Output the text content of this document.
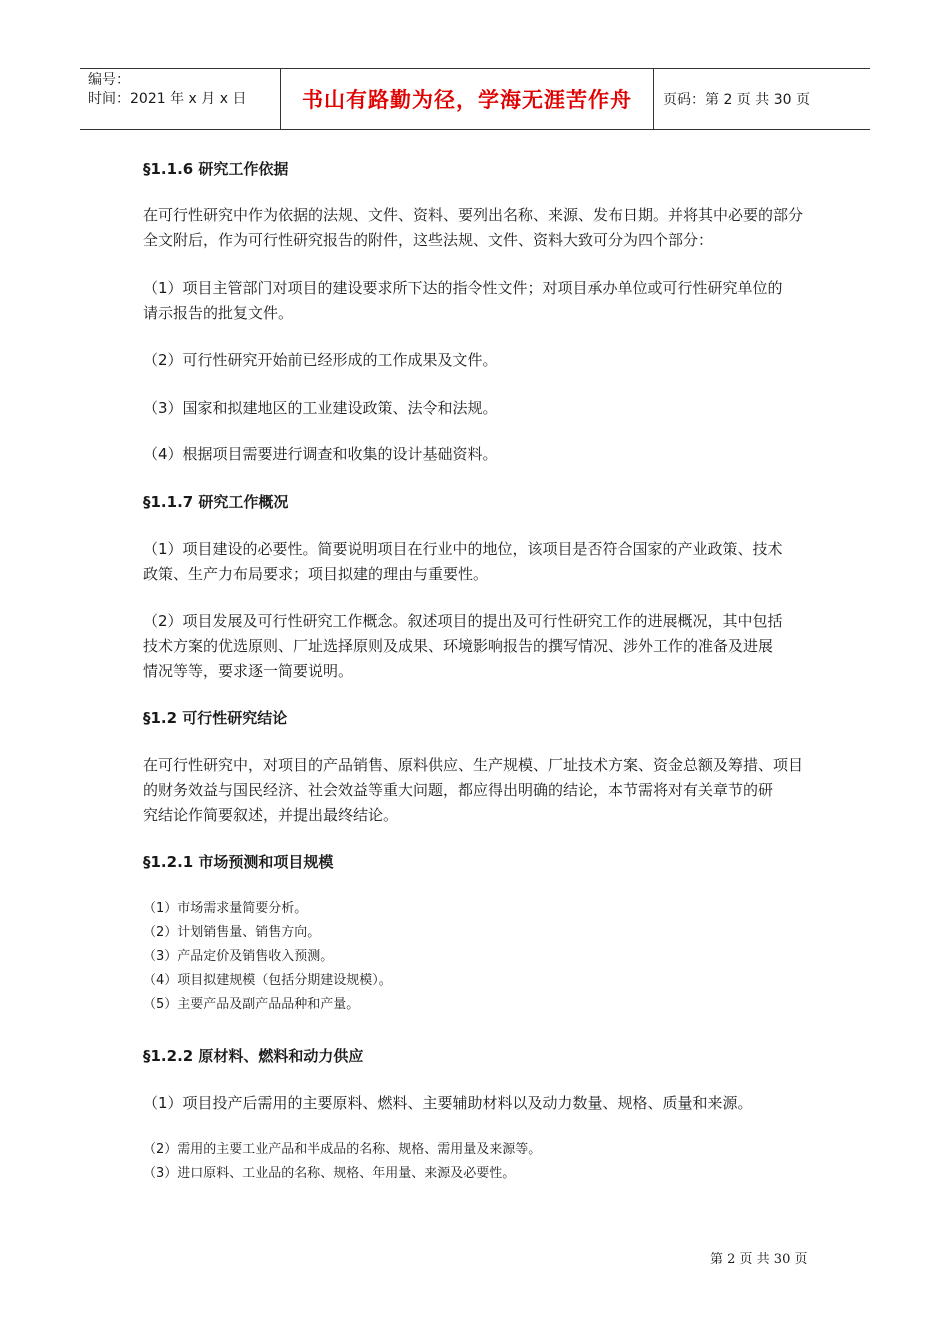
编号：
时间：2021 年 x 月 x 日	书山有路勤为径，学海无涯苦作舟	页码：第 2 页 共 30 页

§1.1.6 研究工作依据

在可行性研究中作为依据的法规、文件、资料、要列出名称、来源、发布日期。并将其中必要的部分
全文附后，作为可行性研究报告的附件，这些法规、文件、资料大致可分为四个部分：
（1）项目主管部门对项目的建设要求所下达的指令性文件；对项目承办单位或可行性研究单位的
请示报告的批复文件。

（2）可行性研究开始前已经形成的工作成果及文件。

（3）国家和拟建地区的工业建设政策、法令和法规。

（4）根据项目需要进行调查和收集的设计基础资料。

§1.1.7 研究工作概况

（1）项目建设的必要性。简要说明项目在行业中的地位，该项目是否符合国家的产业政策、技术
政策、生产力布局要求；项目拟建的理由与重要性。
（2）项目发展及可行性研究工作概念。叙述项目的提出及可行性研究工作的进展概况，其中包括
技术方案的优选原则、厂址选择原则及成果、环境影响报告的撰写情况、涉外工作的准备及进展
情况等等，要求逐一简要说明。

§1.2 可行性研究结论

在可行性研究中，对项目的产品销售、原料供应、生产规模、厂址技术方案、资金总额及筹措、项目
的财务效益与国民经济、社会效益等重大问题，都应得出明确的结论，本节需将对有关章节的研
究结论作简要叙述，并提出最终结论。

§1.2.1 市场预测和项目规模

（1）市场需求量简要分析。
（2）计划销售量、销售方向。
（3）产品定价及销售收入预测。
（4）项目拟建规模（包括分期建设规模）。
（5）主要产品及副产品品种和产量。

§1.2.2 原材料、燃料和动力供应

（1）项目投产后需用的主要原料、燃料、主要辅助材料以及动力数量、规格、质量和来源。

（2）需用的主要工业产品和半成品的名称、规格、需用量及来源等。
（3）进口原料、工业品的名称、规格、年用量、来源及必要性。
第 2 页 共 30 页
